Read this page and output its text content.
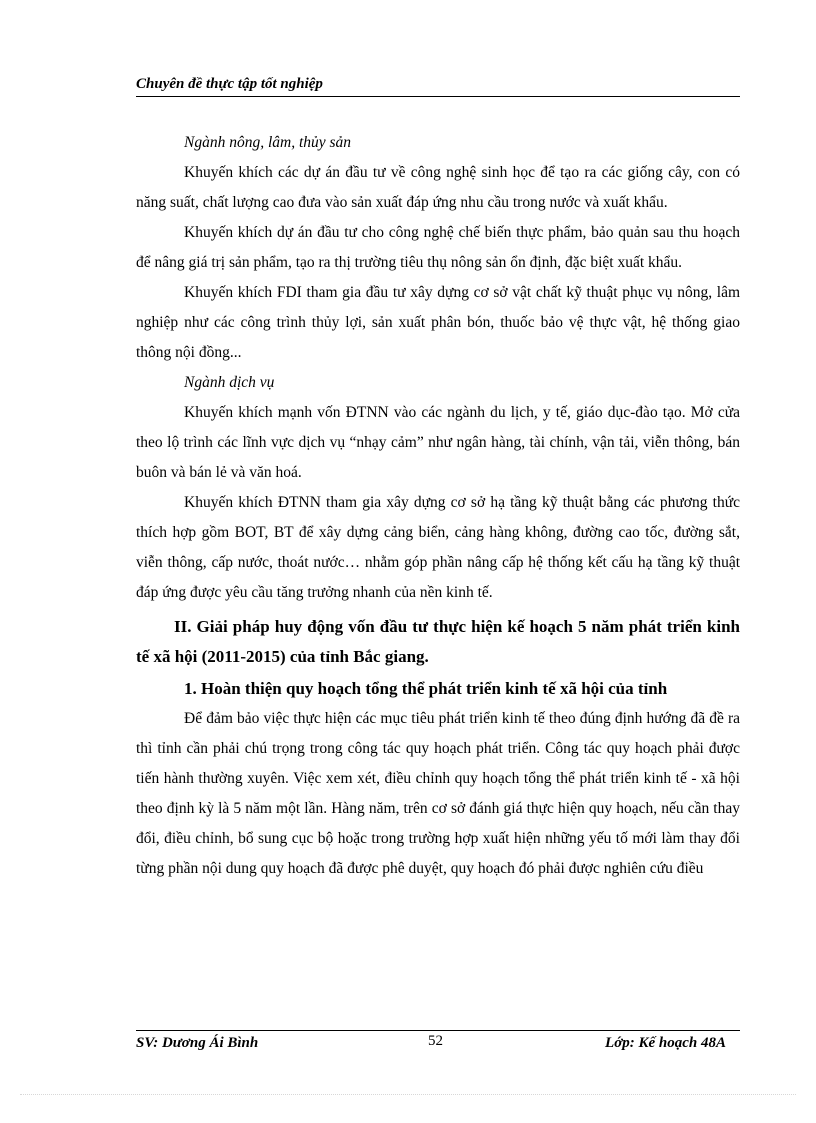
Chuyên đề thực tập tốt nghiệp

Ngành nông, lâm, thủy sản

Khuyến khích các dự án đầu tư về công nghệ sinh học để tạo ra các giống cây, con có năng suất, chất lượng cao đưa vào sản xuất đáp ứng nhu cầu trong nước và xuất khẩu.

Khuyến khích dự án đầu tư cho công nghệ chế biến thực phẩm, bảo quản sau thu hoạch để nâng giá trị sản phẩm, tạo ra thị trường tiêu thụ nông sản ổn định, đặc biệt xuất khẩu.

Khuyến khích FDI tham gia đầu tư xây dựng cơ sở vật chất kỹ thuật phục vụ nông, lâm nghiệp như các công trình thủy lợi, sản xuất phân bón, thuốc bảo vệ thực vật, hệ thống giao thông nội đồng...

Ngành dịch vụ

Khuyến khích mạnh vốn ĐTNN vào các ngành du lịch, y tế, giáo dục-đào tạo. Mở cửa theo lộ trình các lĩnh vực dịch vụ “nhạy cảm” như ngân hàng, tài chính, vận tải, viễn thông, bán buôn và bán lẻ và văn hoá.

Khuyến khích ĐTNN tham gia xây dựng cơ sở hạ tầng kỹ thuật bằng các phương thức thích hợp gồm BOT, BT để xây dựng cảng biển, cảng hàng không, đường cao tốc, đường sắt, viễn thông, cấp nước, thoát nước… nhằm góp phần nâng cấp hệ thống kết cấu hạ tầng kỹ thuật đáp ứng được yêu cầu tăng trưởng nhanh của nền kinh tế.

II. Giải pháp huy động vốn đầu tư thực hiện kế hoạch 5 năm phát triển kinh tế xã hội (2011-2015) của tỉnh Bắc giang.

1. Hoàn thiện quy hoạch tổng thể phát triển kinh tế xã hội của tỉnh

Để đảm bảo việc thực hiện các mục tiêu phát triển kinh tế theo đúng định hướng đã đề ra thì tỉnh cần phải chú trọng trong công tác quy hoạch phát triển. Công tác quy hoạch phải được tiến hành thường xuyên. Việc xem xét, điều chỉnh quy hoạch tổng thể phát triển kinh tế - xã hội theo định kỳ là 5 năm một lần. Hàng năm, trên cơ sở đánh giá thực hiện quy hoạch, nếu cần thay đổi, điều chỉnh, bổ sung cục bộ hoặc trong trường hợp xuất hiện những yếu tố mới làm thay đổi từng phần nội dung quy hoạch đã được phê duyệt, quy hoạch đó phải được nghiên cứu điều

SV: Dương Ái Bình	52	Lớp: Kế hoạch 48A
